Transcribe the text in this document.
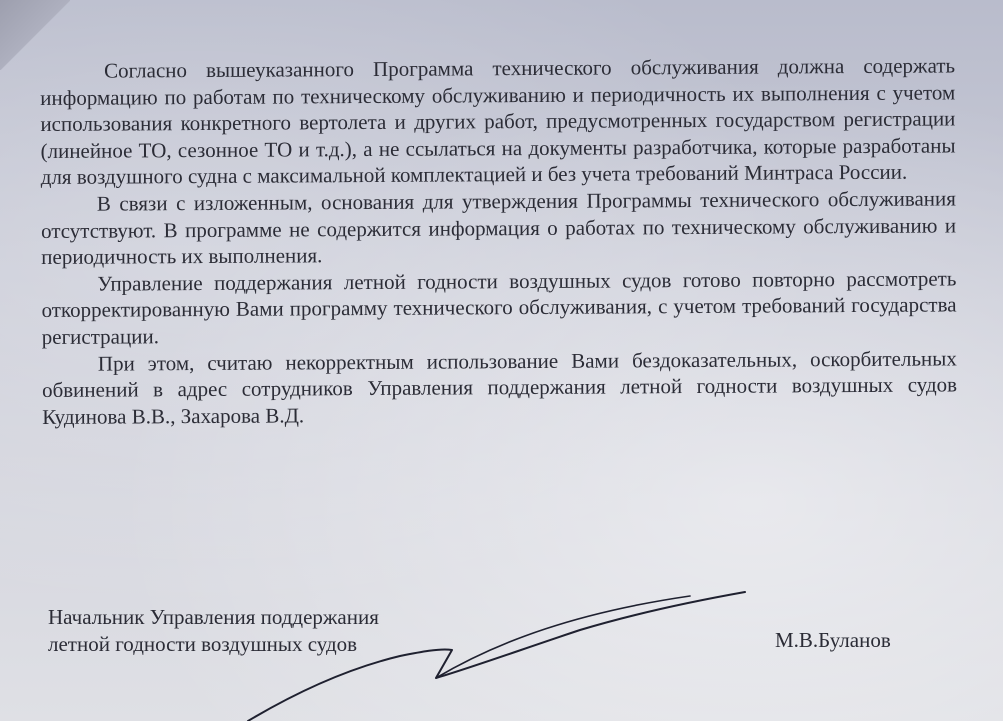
Согласно вышеуказанного Программа технического обслуживания должна содержать информацию по работам по техническому обслуживанию и периодичность их выполнения с учетом использования конкретного вертолета и других работ, предусмотренных государством регистрации (линейное ТО, сезонное ТО и т.д.), а не ссылаться на документы разработчика, которые разработаны для воздушного судна с максимальной комплектацией и без учета требований Минтраса России.

В связи с изложенным, основания для утверждения Программы технического обслуживания отсутствуют. В программе не содержится информация о работах по техническому обслуживанию и периодичность их выполнения.

Управление поддержания летной годности воздушных судов готово повторно рассмотреть откорректированную Вами программу технического обслуживания, с учетом требований государства регистрации.

При этом, считаю некорректным использование Вами бездоказательных, оскорбительных обвинений в адрес сотрудников Управления поддержания летной годности воздушных судов Кудинова В.В., Захарова В.Д.

Начальник Управления поддержания
летной годности воздушных судов	М.В.Буланов
